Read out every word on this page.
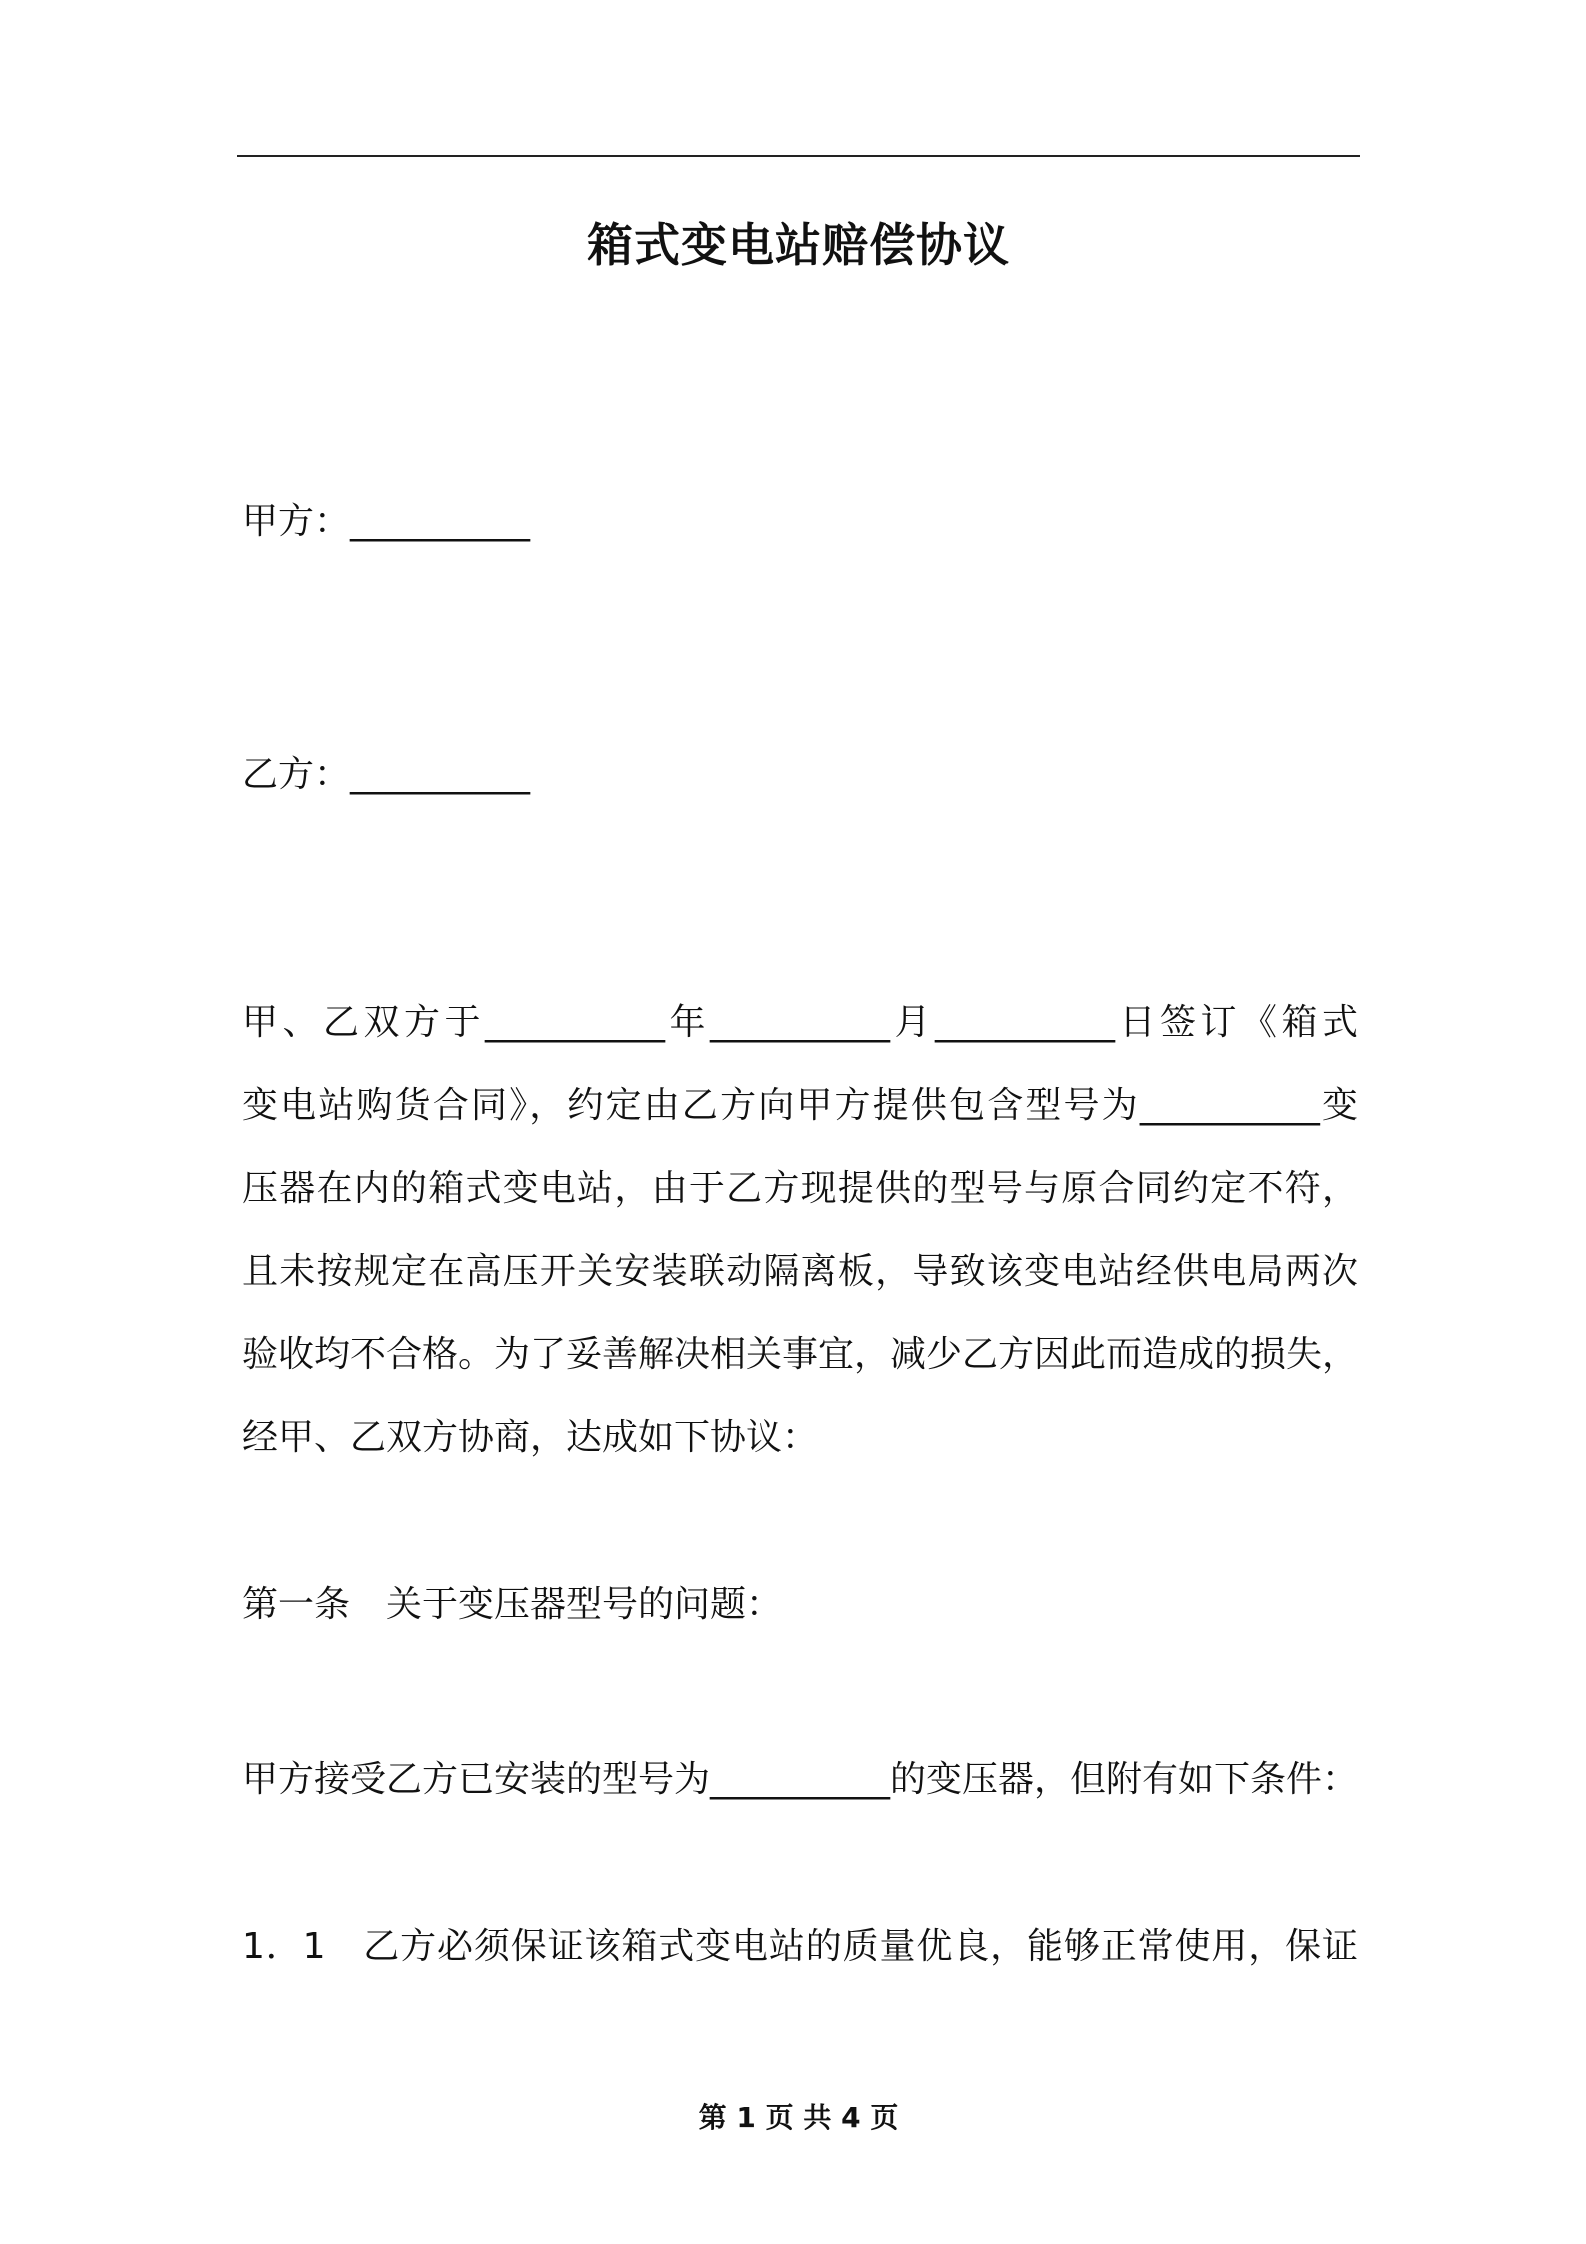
箱式变电站赔偿协议
甲方：__________
乙方：__________
甲、乙双方于__________年__________月__________日签订《箱式
变电站购货合同》，约定由乙方向甲方提供包含型号为__________变
压器在内的箱式变电站，由于乙方现提供的型号与原合同约定不符，
且未按规定在高压开关安装联动隔离板，导致该变电站经供电局两次
验收均不合格。为了妥善解决相关事宜，减少乙方因此而造成的损失，
经甲、乙双方协商，达成如下协议：
第一条　关于变压器型号的问题：
甲方接受乙方已安装的型号为__________的变压器，但附有如下条件：
1．1　乙方必须保证该箱式变电站的质量优良，能够正常使用，保证
第 1 页 共 4 页
